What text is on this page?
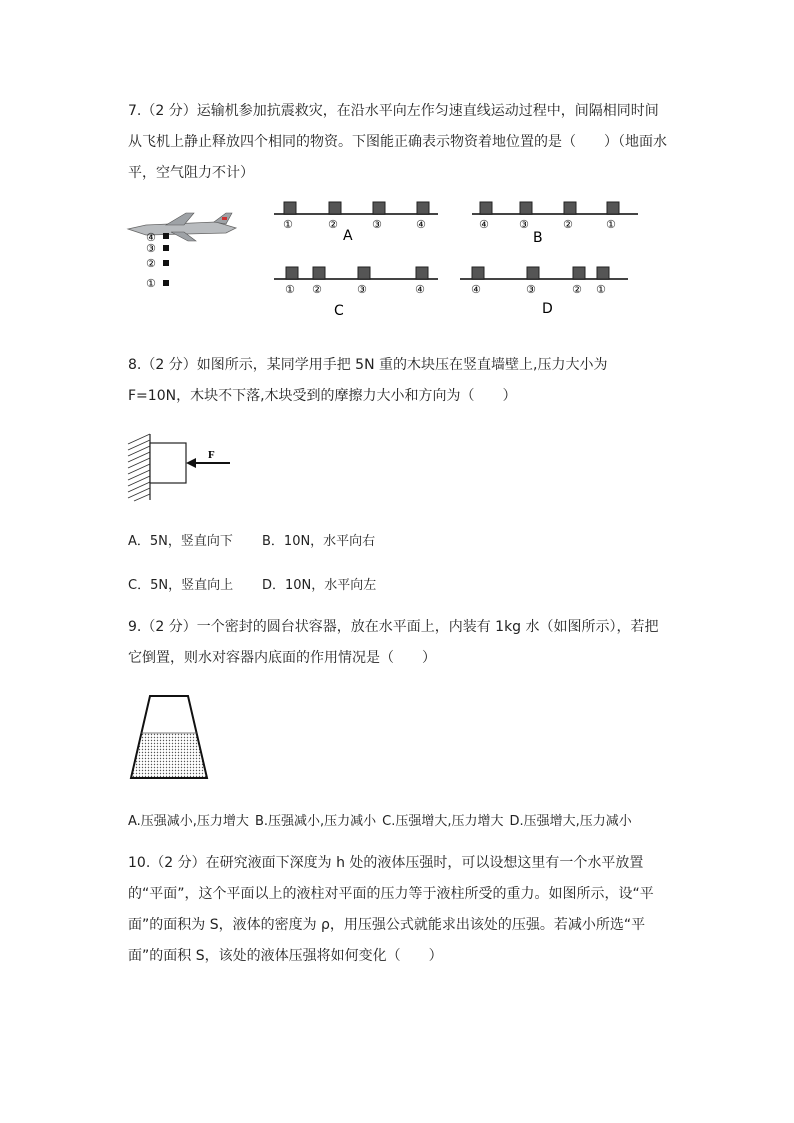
7.（2 分）运输机参加抗震救灾，在沿水平向左作匀速直线运动过程中，间隔相同时间从飞机上静止释放四个相同的物资。下图能正确表示物资着地位置的是（　　）（地面水平，空气阻力不计）
④
③
②
①
①	②	③	④
A
④	③	②	①
B
① ②	③	④
C
④	③	② ①
D
8.（2 分）如图所示，某同学用手把 5N 重的木块压在竖直墙壁上,压力大小为 F=10N，木块不下落,木块受到的摩擦力大小和方向为（　　）
F
A．5N，竖直向下 B．10N，水平向右
C．5N，竖直向上 D．10N，水平向左
9.（2 分）一个密封的圆台状容器，放在水平面上，内装有 1kg 水（如图所示），若把它倒置，则水对容器内底面的作用情况是（　　）
A.压强减小,压力增大 B.压强减小,压力减小 C.压强增大,压力增大 D.压强增大,压力减小
10.（2 分）在研究液面下深度为 h 处的液体压强时，可以设想这里有一个水平放置的“平面”，这个平面以上的液柱对平面的压力等于液柱所受的重力。如图所示，设“平面”的面积为 S，液体的密度为 ρ，用压强公式就能求出该处的压强。若减小所选“平面”的面积 S，该处的液体压强将如何变化（　　）
